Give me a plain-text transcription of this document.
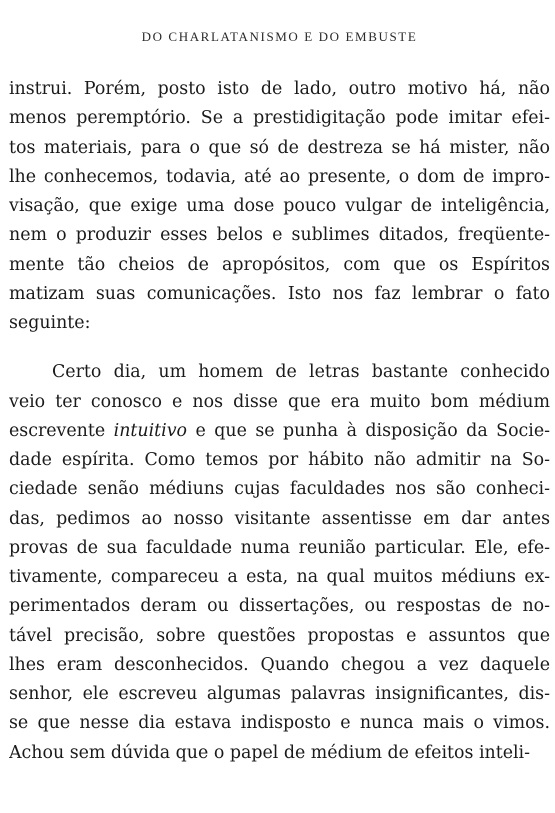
DO CHARLATANISMO E DO EMBUSTE
instrui. Porém, posto isto de lado, outro motivo há, não
menos peremptório. Se a prestidigitação pode imitar efei-
tos materiais, para o que só de destreza se há mister, não
lhe conhecemos, todavia, até ao presente, o dom de impro-
visação, que exige uma dose pouco vulgar de inteligência,
nem o produzir esses belos e sublimes ditados, freqüente-
mente tão cheios de apropósitos, com que os Espíritos
matizam suas comunicações. Isto nos faz lembrar o fato
seguinte:
Certo dia, um homem de letras bastante conhecido
veio ter conosco e nos disse que era muito bom médium
escrevente intuitivo e que se punha à disposição da Socie-
dade espírita. Como temos por hábito não admitir na So-
ciedade senão médiuns cujas faculdades nos são conheci-
das, pedimos ao nosso visitante assentisse em dar antes
provas de sua faculdade numa reunião particular. Ele, efe-
tivamente, compareceu a esta, na qual muitos médiuns ex-
perimentados deram ou dissertações, ou respostas de no-
tável precisão, sobre questões propostas e assuntos que
lhes eram desconhecidos. Quando chegou a vez daquele
senhor, ele escreveu algumas palavras insignificantes, dis-
se que nesse dia estava indisposto e nunca mais o vimos.
Achou sem dúvida que o papel de médium de efeitos inteli-
